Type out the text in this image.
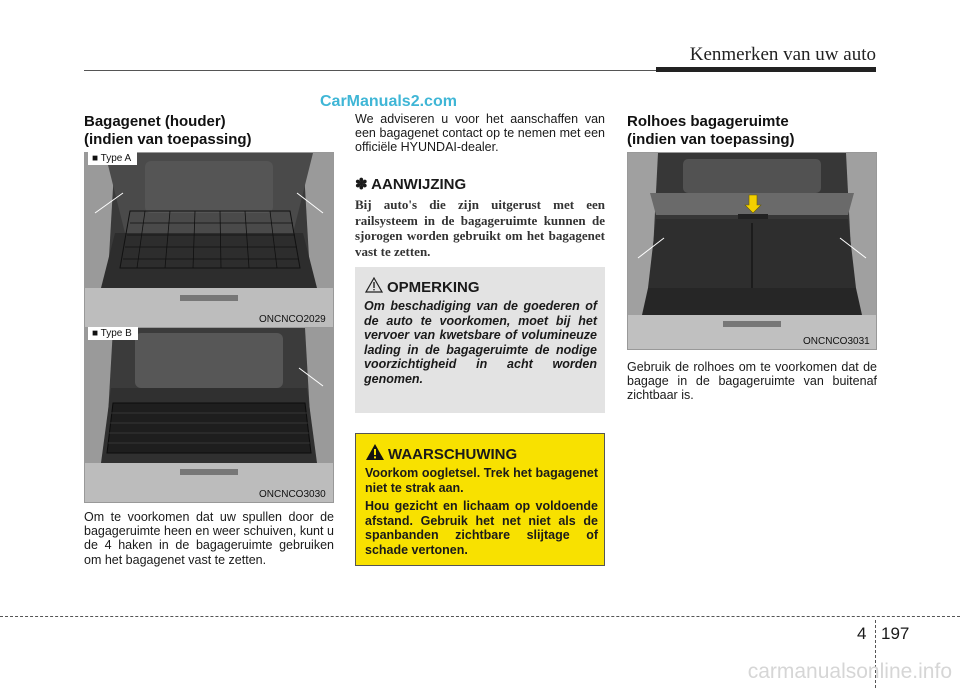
Kenmerken van uw auto
CarManuals2.com
Bagagenet (houder)
(indien van toepassing)
■ Type A
ONCNCO2029
■ Type B
ONCNCO3030

Om te voorkomen dat uw spullen door de bagageruimte heen en weer schuiven, kunt u de 4 haken in de bagageruimte gebruiken om het bagagenet vast te zetten.

We adviseren u voor het aanschaffen van een bagagenet contact op te nemen met een officiële HYUNDAI-dealer.

✽ AANWIJZING

Bij auto's die zijn uitgerust met een railsysteem in de bagageruimte kunnen de sjorogen worden gebruikt om het bagagenet vast te zetten.

OPMERKING

Om beschadiging van de goederen of de auto te voorkomen, moet bij het vervoer van kwetsbare of volumineuze lading in de bagageruimte de nodige voorzichtigheid in acht worden genomen.

WAARSCHUWING

Voorkom oogletsel. Trek het bagagenet niet te strak aan.

Hou gezicht en lichaam op voldoende afstand. Gebruik het net niet als de spanbanden zichtbare slijtage of schade vertonen.

Rolhoes bagageruimte
(indien van toepassing)
ONCNCO3031

Gebruik de rolhoes om te voorkomen dat de bagage in de bagageruimte van buitenaf zichtbaar is.

4 197
carmanualsonline.info
